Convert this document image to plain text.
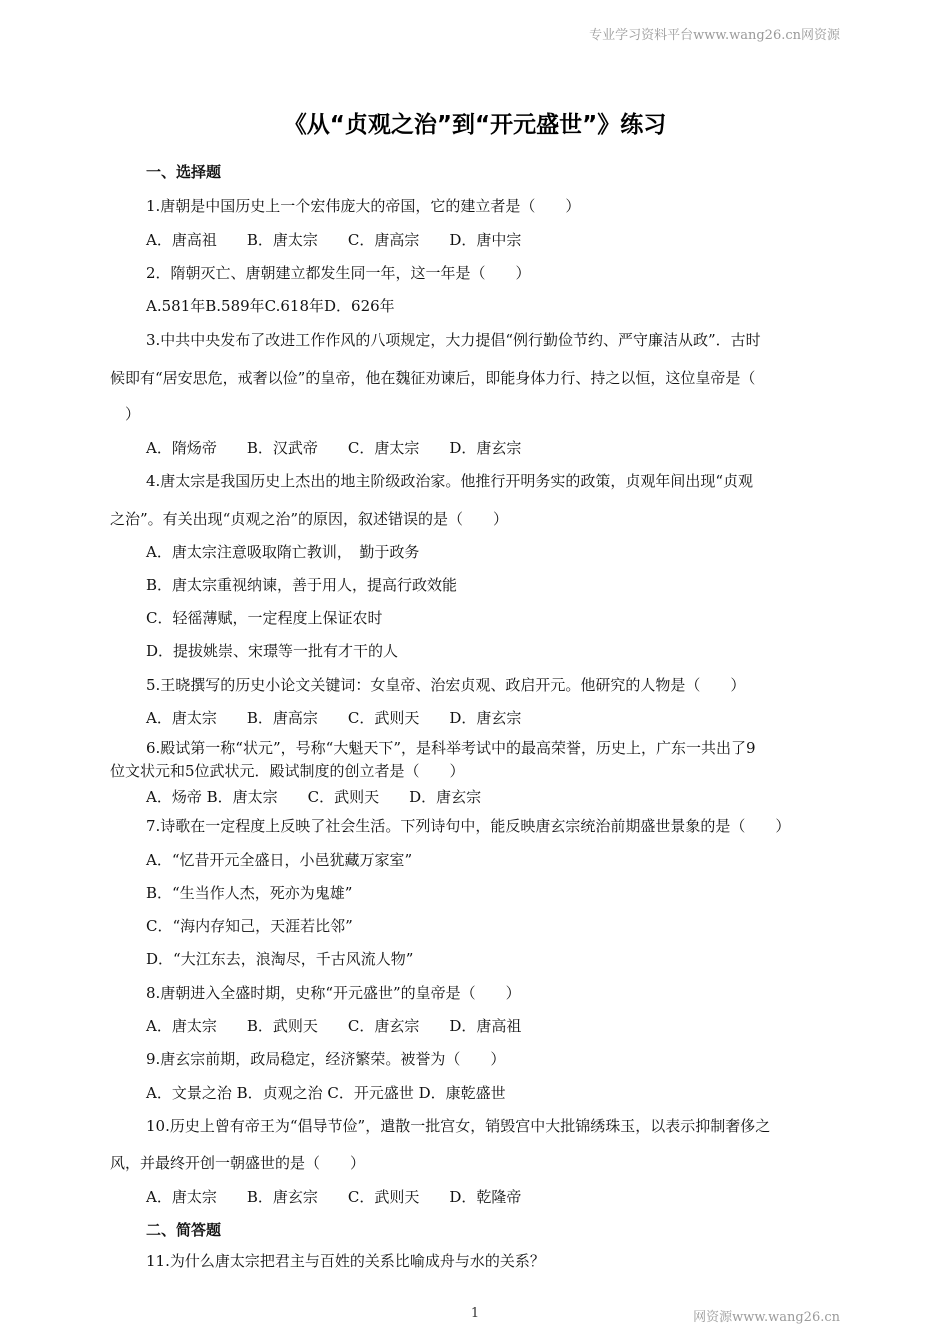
专业学习资料平台www.wang26.cn网资源
《从“贞观之治”到“开元盛世”》练习
一、选择题
1.唐朝是中国历史上一个宏伟庞大的帝国，它的建立者是（　　）
A．唐高祖　　B．唐太宗　　C．唐高宗　　D．唐中宗
2．隋朝灭亡、唐朝建立都发生同一年，这一年是（　　）
A.581年B.589年C.618年D．626年
3.中共中央发布了改进工作作风的八项规定，大力提倡“例行勤俭节约、严守廉洁从政”．古时
候即有“居安思危，戒奢以俭”的皇帝，他在魏征劝谏后，即能身体力行、持之以恒，这位皇帝是（
　）
A．隋炀帝　　B．汉武帝　　C．唐太宗　　D．唐玄宗
4.唐太宗是我国历史上杰出的地主阶级政治家。他推行开明务实的政策，贞观年间出现“贞观
之治”。有关出现“贞观之治”的原因，叙述错误的是（　　）
A．唐太宗注意吸取隋亡教训，　勤于政务
B．唐太宗重视纳谏，善于用人，提高行政效能
C．轻徭薄赋，一定程度上保证农时
D．提拔姚崇、宋璟等一批有才干的人
5.王晓撰写的历史小论文关键词：女皇帝、治宏贞观、政启开元。他研究的人物是（　　）
A．唐太宗　　B．唐高宗　　C．武则天　　D．唐玄宗
6.殿试第一称“状元”，号称“大魁天下”，是科举考试中的最高荣誉，历史上，广东一共出了9
位文状元和5位武状元．殿试制度的创立者是（　　）
A．炀帝 B．唐太宗　　C．武则天　　D．唐玄宗
7.诗歌在一定程度上反映了社会生活。下列诗句中，能反映唐玄宗统治前期盛世景象的是（　　）
A．“忆昔开元全盛日，小邑犹藏万家室”
B．“生当作人杰，死亦为鬼雄”
C．“海内存知己，天涯若比邻”
D．“大江东去，浪淘尽，千古风流人物”
8.唐朝进入全盛时期，史称“开元盛世”的皇帝是（　　）
A．唐太宗　　B．武则天　　C．唐玄宗　　D．唐高祖
9.唐玄宗前期，政局稳定，经济繁荣。被誉为（　　）
A．文景之治 B．贞观之治 C．开元盛世 D．康乾盛世
10.历史上曾有帝王为“倡导节俭”，遣散一批宫女，销毁宫中大批锦绣珠玉，以表示抑制奢侈之
风，并最终开创一朝盛世的是（　　）
A．唐太宗　　B．唐玄宗　　C．武则天　　D．乾隆帝
二、简答题
11.为什么唐太宗把君主与百姓的关系比喻成舟与水的关系？
1	网资源www.wang26.cn
